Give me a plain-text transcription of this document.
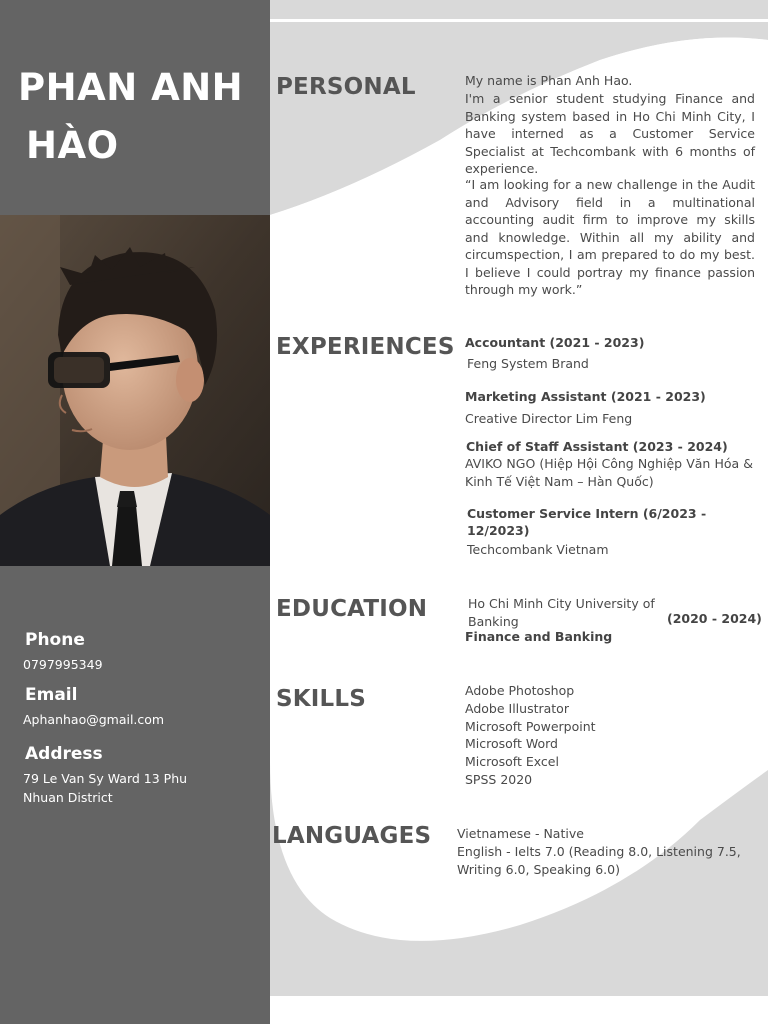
PHAN ANH
HÀO
Phone
0797995349
Email
Aphanhao@gmail.com
Address
79 Le Van Sy Ward 13 Phu Nhuan District
PERSONAL
EXPERIENCES
EDUCATION
SKILLS
LANGUAGES
My name is Phan Anh Hao.
I'm a senior student studying Finance and Banking system based in Ho Chi Minh City, I have interned as a Customer Service Specialist at Techcombank with 6 months of experience.
“I am looking for a new challenge in the Audit and Advisory field in a multinational accounting audit firm to improve my skills and knowledge. Within all my ability and circumspection, I am prepared to do my best. I believe I could portray my finance passion through my work.”
Accountant (2021 - 2023)
Feng System Brand
Marketing Assistant (2021 - 2023)
Creative Director Lim Feng
Chief of Staff Assistant (2023 - 2024)
AVIKO NGO (Hiệp Hội Công Nghiệp Văn Hóa & Kinh Tế Việt Nam – Hàn Quốc)
Customer Service Intern (6/2023 - 12/2023)
Techcombank Vietnam
Ho Chi Minh City University of Banking	(2020 - 2024)
Finance and Banking
Adobe Photoshop
Adobe Illustrator
Microsoft Powerpoint
Microsoft Word
Microsoft Excel
SPSS 2020
Vietnamese - Native
English - Ielts 7.0 (Reading 8.0, Listening 7.5, Writing 6.0, Speaking 6.0)
